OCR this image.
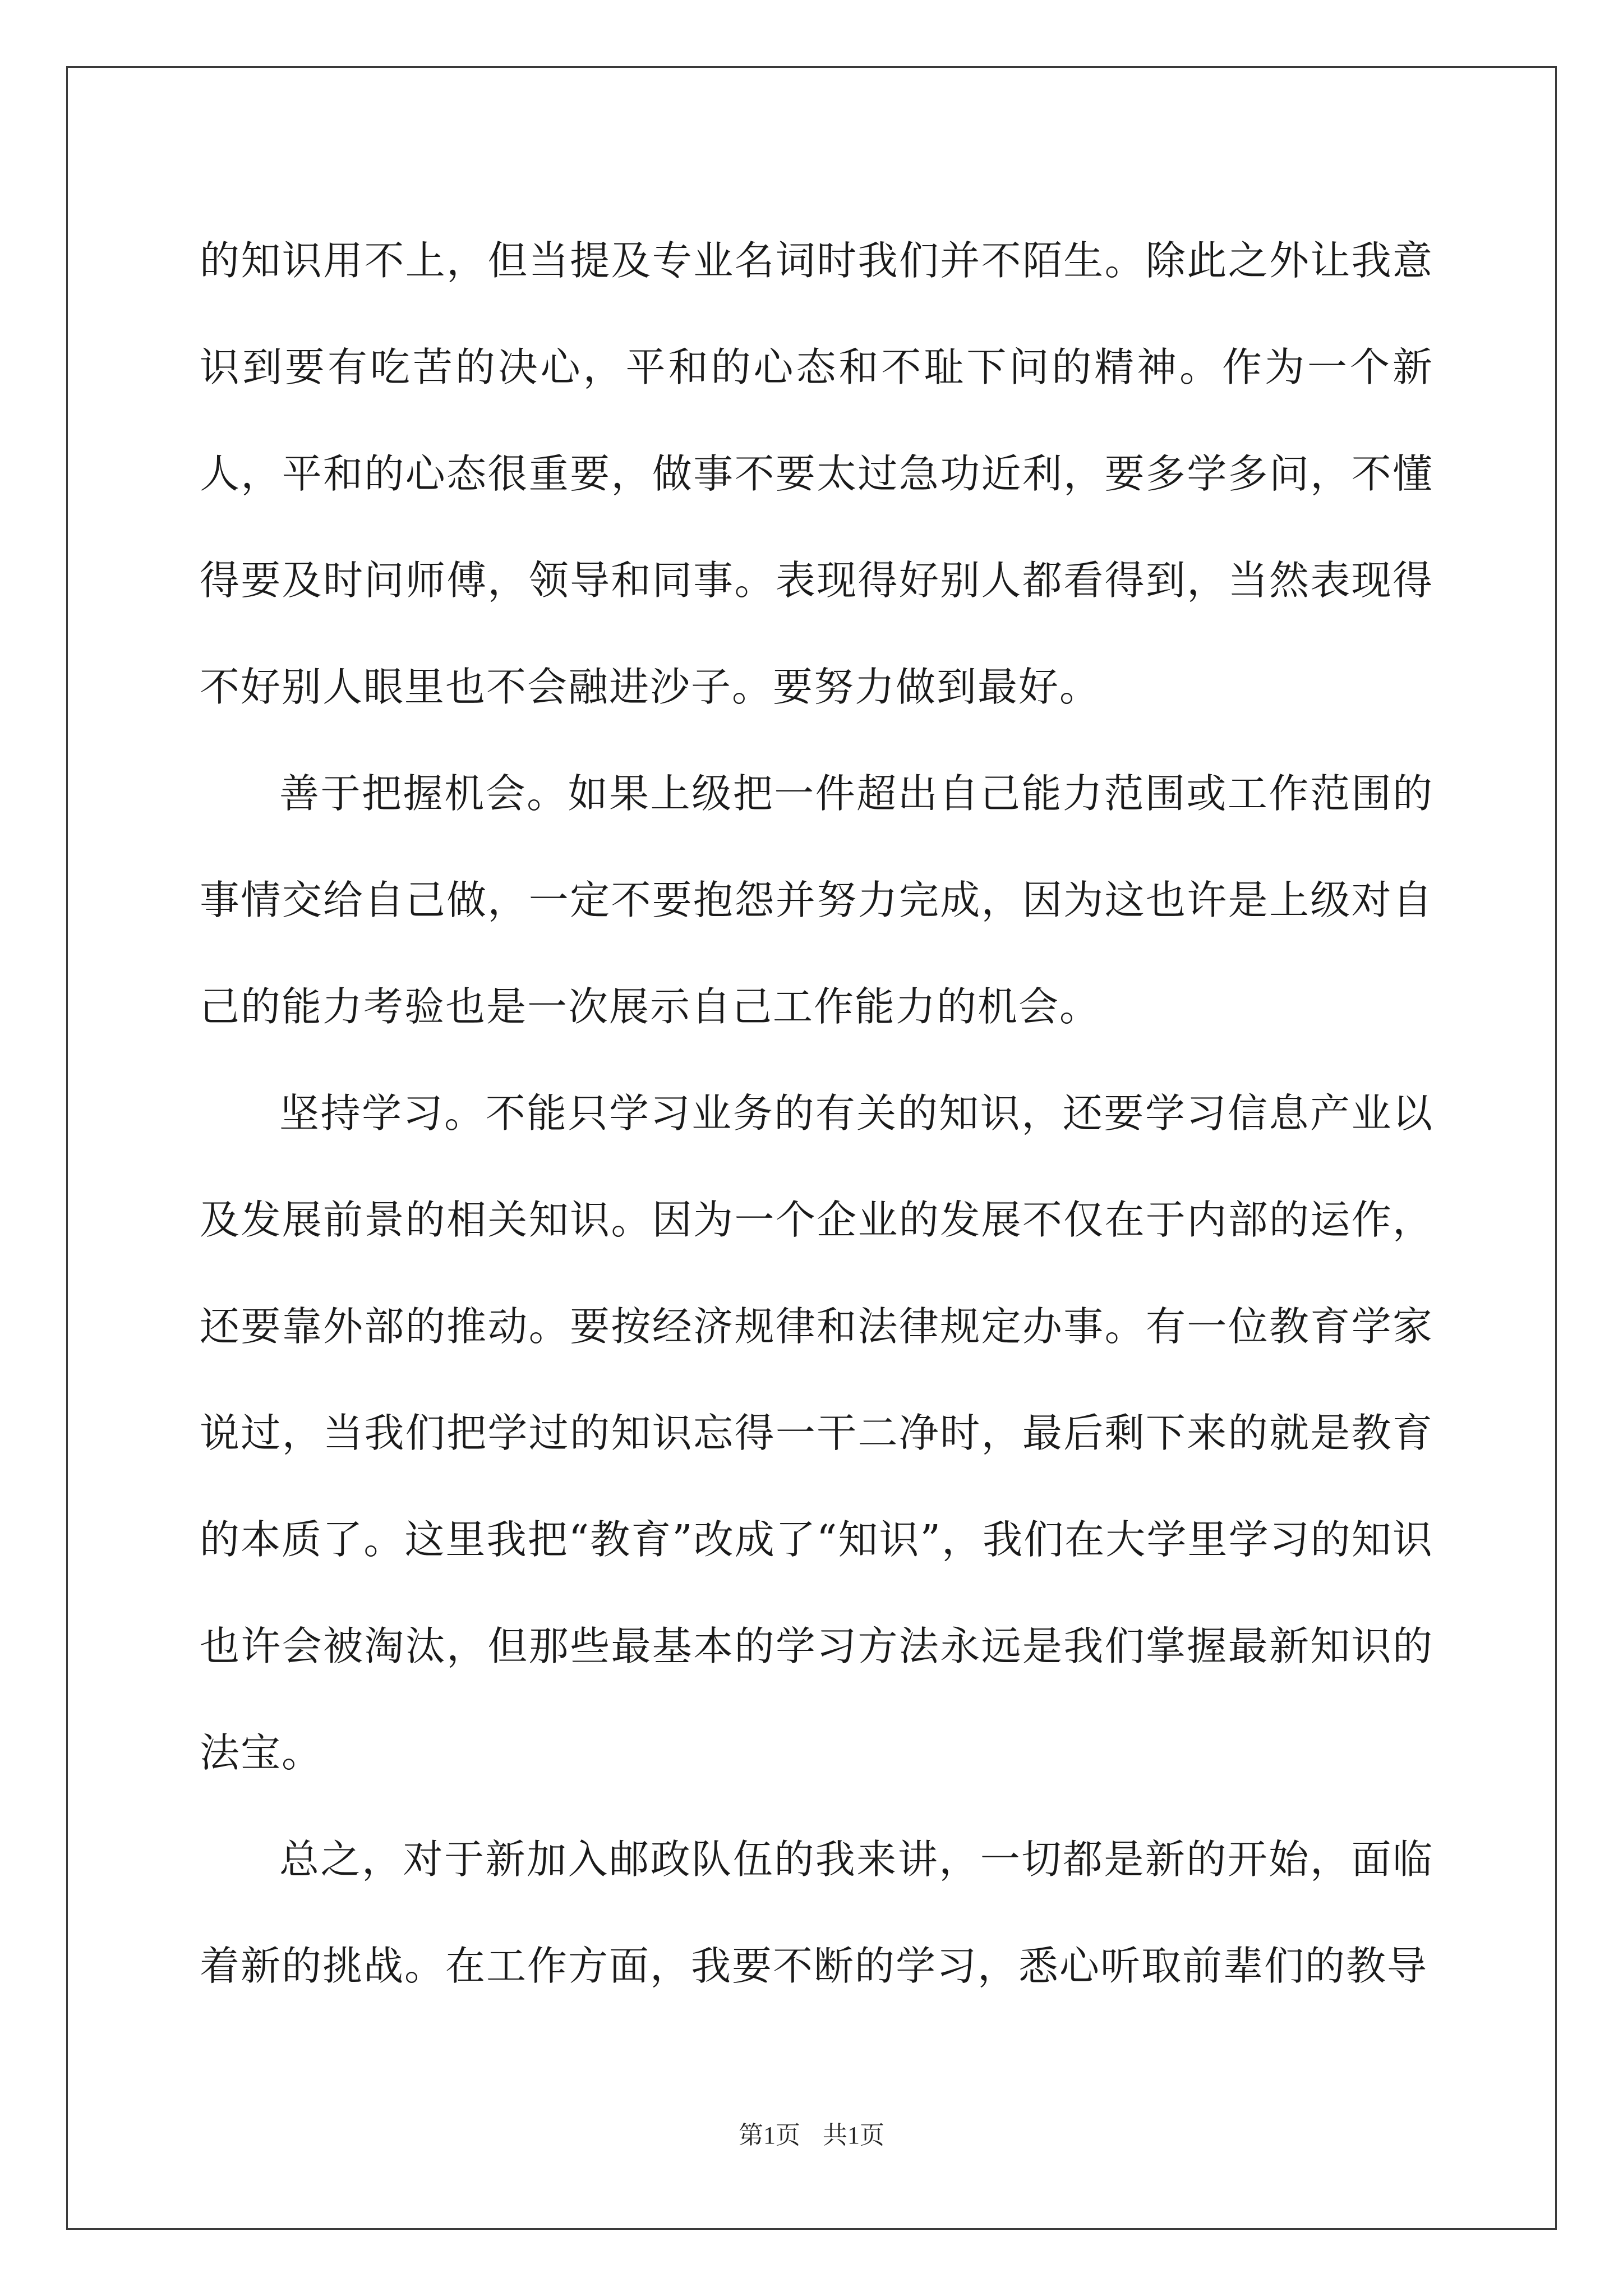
的知识用不上，但当提及专业名词时我们并不陌生。除此之外让我意识到要有吃苦的决心，平和的心态和不耻下问的精神。作为一个新人，平和的心态很重要，做事不要太过急功近利，要多学多问，不懂得要及时问师傅，领导和同事。表现得好别人都看得到，当然表现得不好别人眼里也不会融进沙子。要努力做到最好。

善于把握机会。如果上级把一件超出自己能力范围或工作范围的事情交给自己做，一定不要抱怨并努力完成，因为这也许是上级对自己的能力考验也是一次展示自己工作能力的机会。

坚持学习。不能只学习业务的有关的知识，还要学习信息产业以及发展前景的相关知识。因为一个企业的发展不仅在于内部的运作，还要靠外部的推动。要按经济规律和法律规定办事。有一位教育学家说过，当我们把学过的知识忘得一干二净时，最后剩下来的就是教育的本质了。这里我把“教育”改成了“知识”，我们在大学里学习的知识也许会被淘汰，但那些最基本的学习方法永远是我们掌握最新知识的法宝。

总之，对于新加入邮政队伍的我来讲，一切都是新的开始，面临着新的挑战。在工作方面，我要不断的学习，悉心听取前辈们的教导

第1页 共1页
